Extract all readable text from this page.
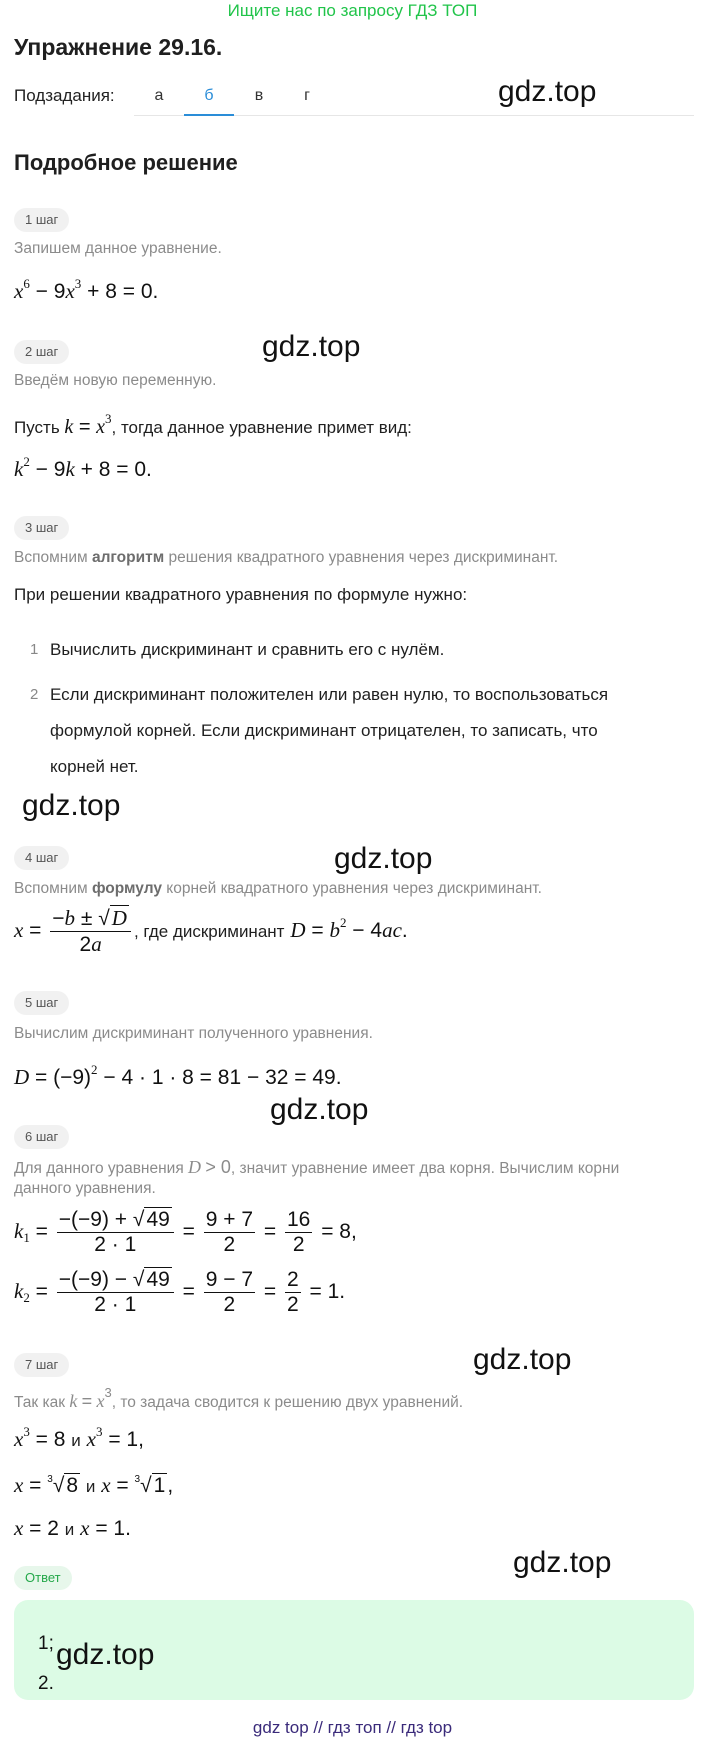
Ищите нас по запросу ГДЗ ТОП
Упражнение 29.16.
Подзадания:	а	б	в	г	gdz.top
Подробное решение
1 шаг
Запишем данное уравнение.
$x^6 - 9x^3 + 8 = 0$.
2 шаг	gdz.top
Введём новую переменную.
Пусть $k = x^3$, тогда данное уравнение примет вид:
$k^2 - 9k + 8 = 0$.
3 шаг
Вспомним алгоритм решения квадратного уравнения через дискриминант.
При решении квадратного уравнения по формуле нужно:
1 Вычислить дискриминант и сравнить его с нулём.
2 Если дискриминант положителен или равен нулю, то воспользоваться
формулой корней. Если дискриминант отрицателен, то записать, что
корней нет.
gdz.top
4 шаг	gdz.top
Вспомним формулу корней квадратного уравнения через дискриминант.
$x = \frac{-b \pm √D}{2a}$ , где дискриминант $D = b^2 - 4ac$.
5 шаг
Вычислим дискриминант полученного уравнения.
$D = (-9)^2 - 4 \cdot 1 \cdot 8 = 81 - 32 = 49$.
gdz.top
6 шаг
Для данного уравнения D > 0, значит уравнение имеет два корня. Вычислим корни
данного уравнения.
$k_1 = \frac{-(-9) + √49}{2 \cdot 1} = \frac{9 + 7}{2} = \frac{16}{2} = 8$,
$k_2 = \frac{-(-9) - √49}{2 \cdot 1} = \frac{9 - 7}{2} = \frac{2}{2} = 1$.
7 шаг	gdz.top
Так как $k = x^3$, то задача сводится к решению двух уравнений.
$x^3 = 8$ и $x^3 = 1$,
x = $^3$√8 и x = $^3$√1,
x = 2 и x = 1.
gdz.top
Ответ
1; gdz.top
2.
gdz top // гдз топ // гдз top
